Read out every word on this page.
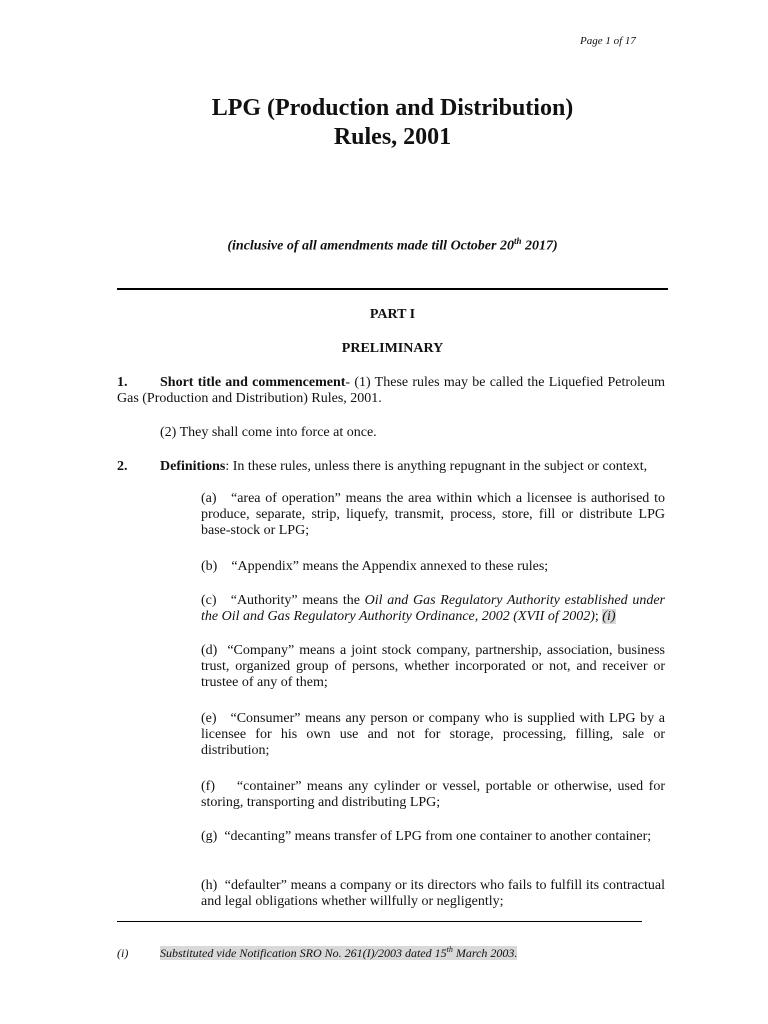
Page 1 of 17
LPG (Production and Distribution)
Rules, 2001
(inclusive of all amendments made till October 20th 2017)
PART I
PRELIMINARY
1. Short title and commencement- (1) These rules may be called the Liquefied Petroleum Gas (Production and Distribution) Rules, 2001.
(2) They shall come into force at once.
2. Definitions: In these rules, unless there is anything repugnant in the subject or context,
(a)   “area of operation” means the area within which a licensee is authorised to produce, separate, strip, liquefy, transmit, process, store, fill or distribute LPG base-stock or LPG;
(b)    “Appendix” means the Appendix annexed to these rules;
(c)   “Authority” means the Oil and Gas Regulatory Authority established under the Oil and Gas Regulatory Authority Ordinance, 2002 (XVII of 2002); (i)
(d)  “Company” means a joint stock company, partnership, association, business trust, organized group of persons, whether incorporated or not, and receiver or trustee of any of them;
(e)   “Consumer” means any person or company who is supplied with LPG by a licensee for his own use and not for storage, processing, filling, sale or distribution;
(f)    “container” means any cylinder or vessel, portable or otherwise, used for storing, transporting and distributing LPG;
(g)  “decanting” means transfer of LPG from one container to another container;
(h)  “defaulter” means a company or its directors who fails to fulfill its contractual and legal obligations whether willfully or negligently;
(i)	Substituted vide Notification SRO No. 261(I)/2003 dated 15th March 2003.
